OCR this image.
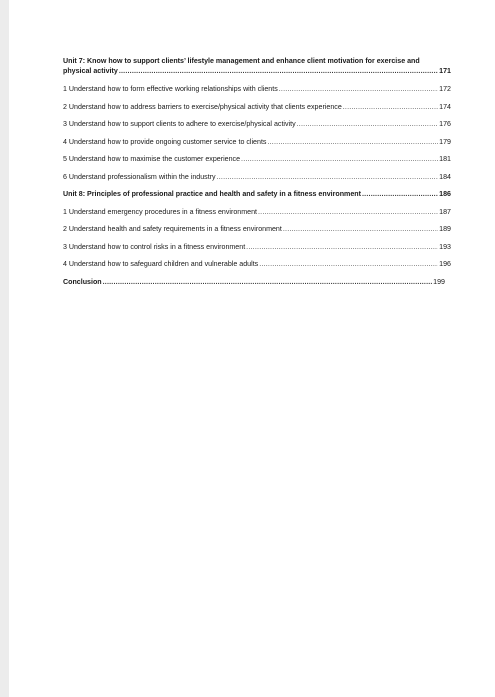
Unit 7: Know how to support clients’ lifestyle management and enhance client motivation for exercise and
physical activity .....	171
1 Understand how to form effective working relationships with clients .....	172
2 Understand how to address barriers to exercise/physical activity that clients experience .....	174
3 Understand how to support clients to adhere to exercise/physical activity .....	176
4 Understand how to provide ongoing customer service to clients .....	179
5 Understand how to maximise the customer experience .....	181
6 Understand professionalism within the industry .....	184
Unit 8: Principles of professional practice and health and safety in a fitness environment .....	186
1 Understand emergency procedures in a fitness environment .....	187
2 Understand health and safety requirements in a fitness environment .....	189
3 Understand how to control risks in a fitness environment .....	193
4 Understand how to safeguard children and vulnerable adults .....	196
Conclusion .....	199
